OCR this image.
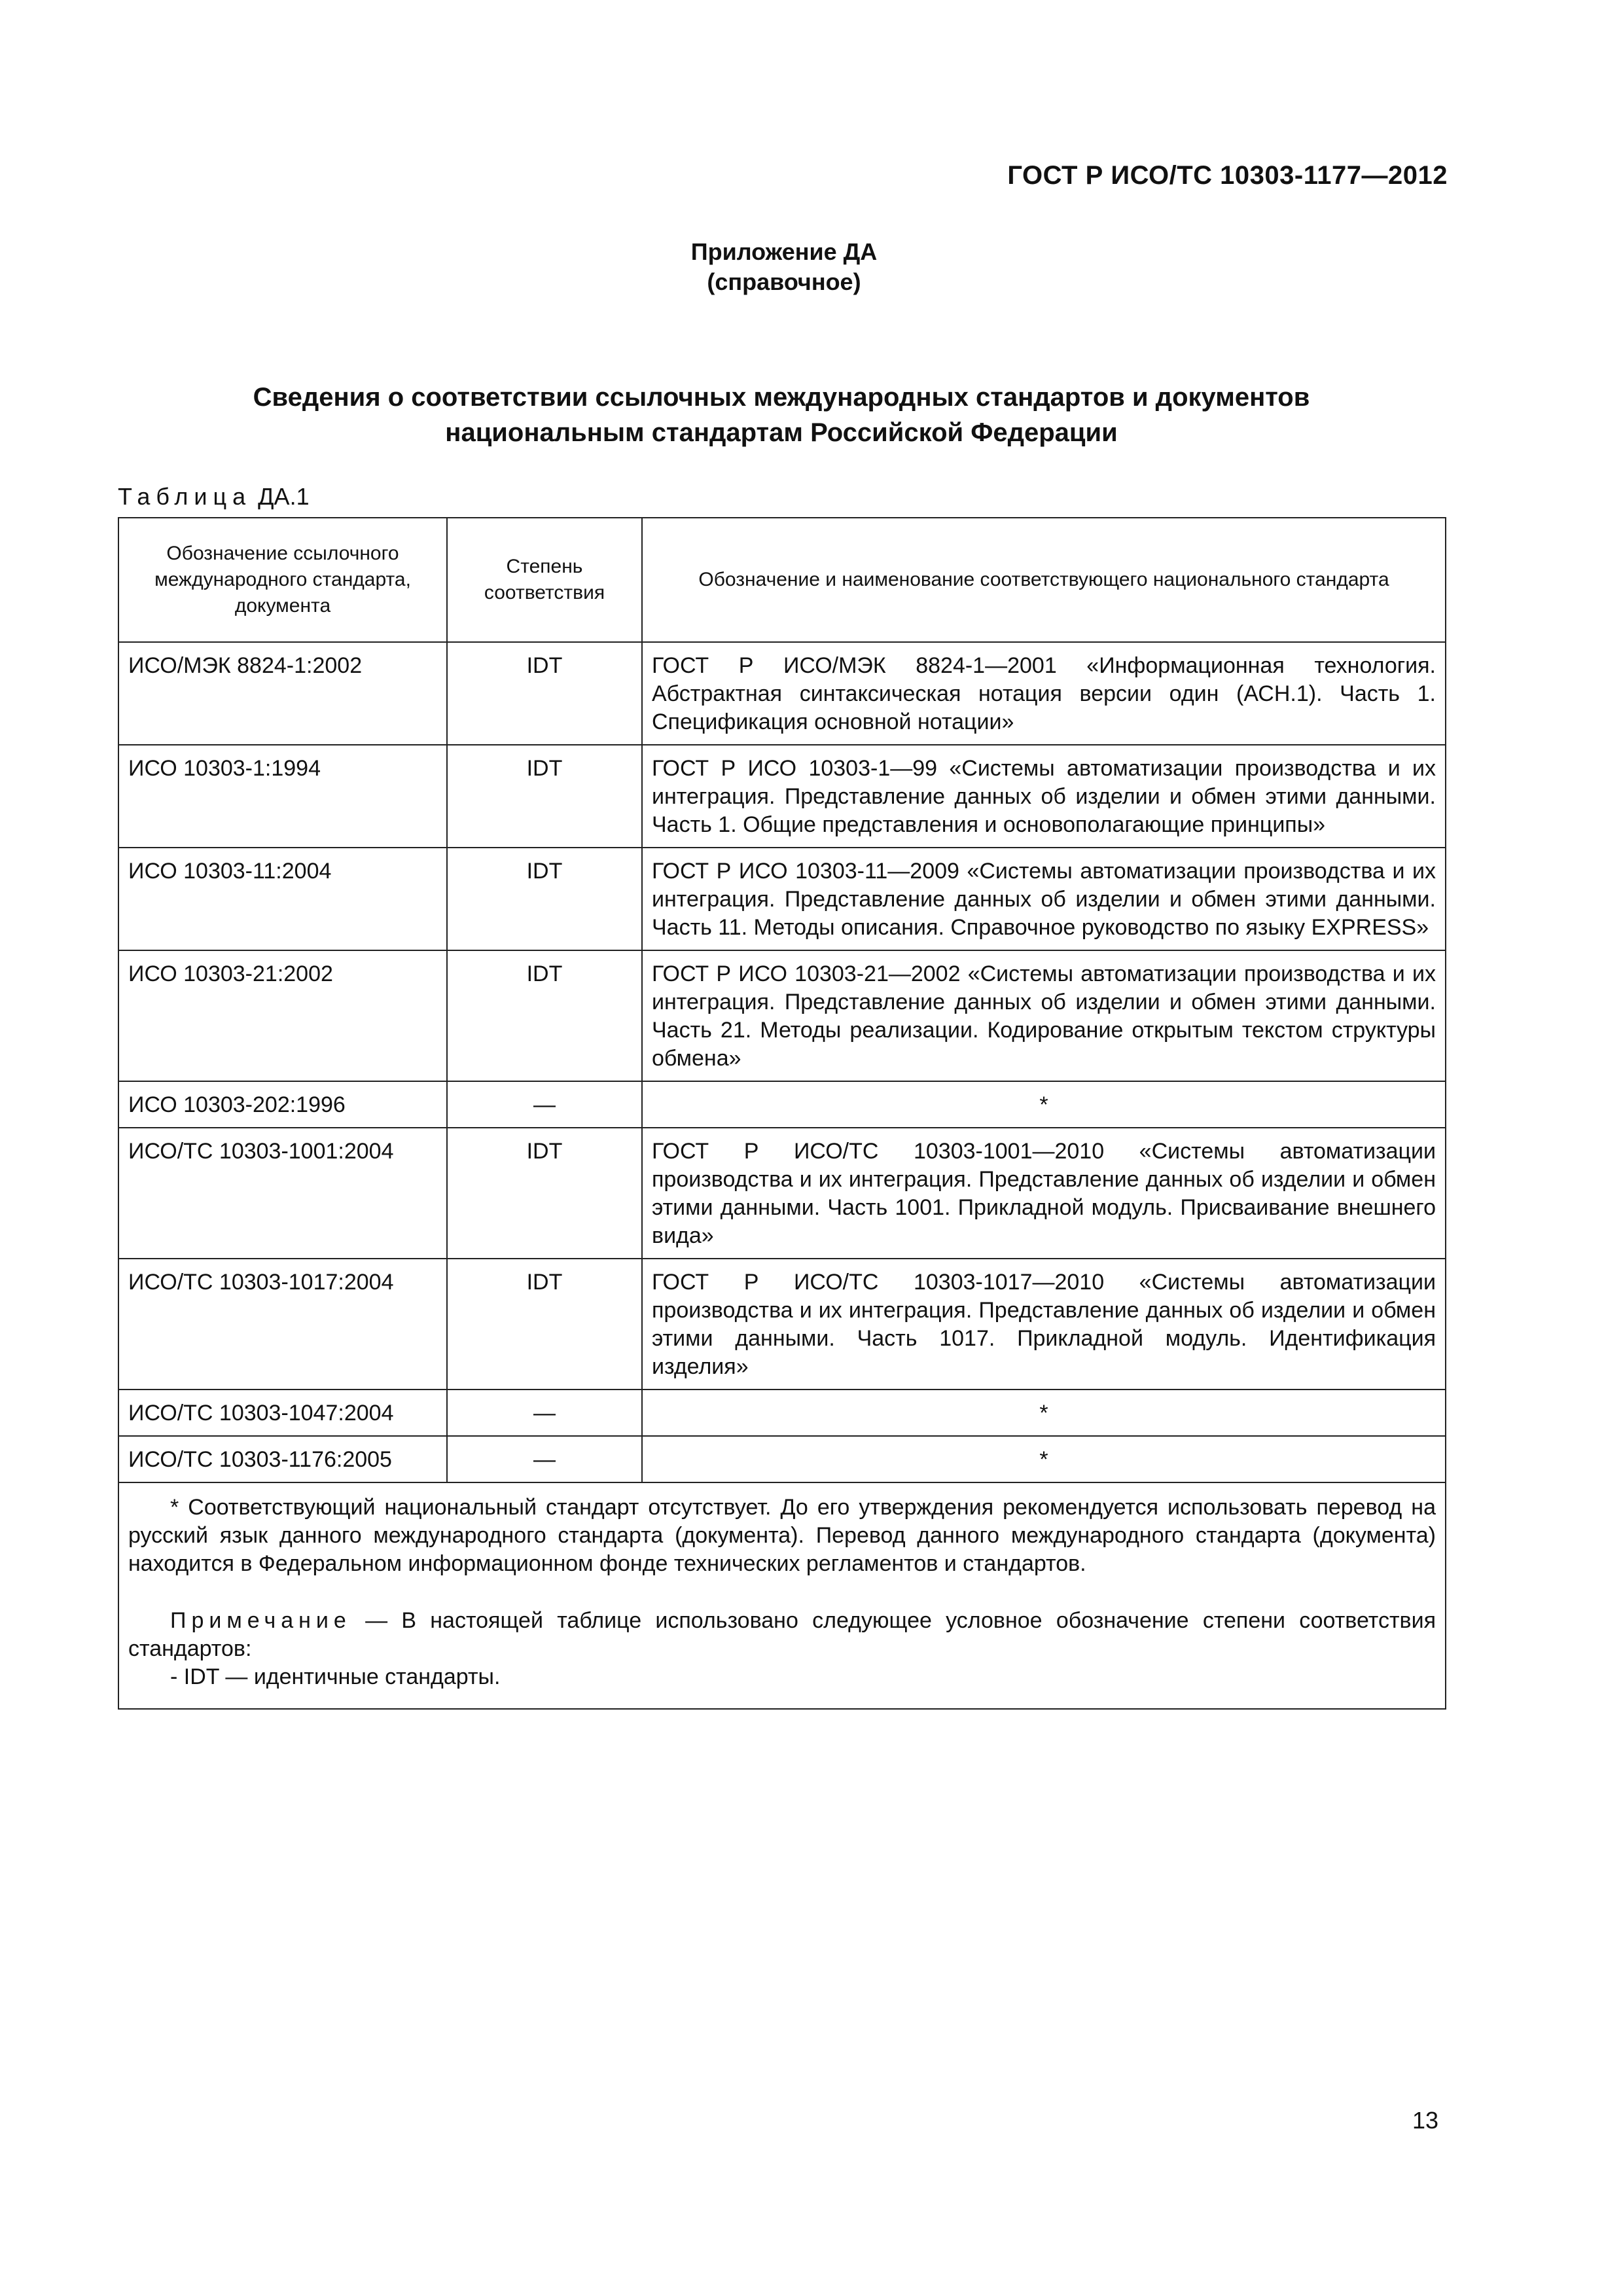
ГОСТ Р ИСО/ТС 10303-1177—2012
Приложение ДА
(справочное)
Сведения о соответствии ссылочных международных стандартов и документов
национальным стандартам Российской Федерации
Таблица ДА.1
Обозначение ссылочного международного стандарта, документа	Степень соответствия	Обозначение и наименование соответствующего национального стандарта
ИСО/МЭК 8824-1:2002	IDT	ГОСТ Р ИСО/МЭК 8824-1—2001 «Информационная технология. Абстрактная синтаксическая нотация версии один (АСН.1). Часть 1. Спецификация основной нотации»
ИСО 10303-1:1994	IDT	ГОСТ Р ИСО 10303-1—99 «Системы автоматизации производства и их интеграция. Представление данных об изделии и обмен этими данными. Часть 1. Общие представления и основополагающие принципы»
ИСО 10303-11:2004	IDT	ГОСТ Р ИСО 10303-11—2009 «Системы автоматизации производства и их интеграция. Представление данных об изделии и обмен этими данными. Часть 11. Методы описания. Справочное руководство по языку EXPRESS»
ИСО 10303-21:2002	IDT	ГОСТ Р ИСО 10303-21—2002 «Системы автоматизации производства и их интеграция. Представление данных об изделии и обмен этими данными. Часть 21. Методы реализации. Кодирование открытым текстом структуры обмена»
ИСО 10303-202:1996	—	*
ИСО/ТС 10303-1001:2004	IDT	ГОСТ Р ИСО/ТС 10303-1001—2010 «Системы автоматизации производства и их интеграция. Представление данных об изделии и обмен этими данными. Часть 1001. Прикладной модуль. Присваивание внешнего вида»
ИСО/ТС 10303-1017:2004	IDT	ГОСТ Р ИСО/ТС 10303-1017—2010 «Системы автоматизации производства и их интеграция. Представление данных об изделии и обмен этими данными. Часть 1017. Прикладной модуль. Идентификация изделия»
ИСО/ТС 10303-1047:2004	—	*
ИСО/ТС 10303-1176:2005	—	*

* Соответствующий национальный стандарт отсутствует. До его утверждения рекомендуется использовать перевод на русский язык данного международного стандарта (документа). Перевод данного международного стандарта (документа) находится в Федеральном информационном фонде технических регламентов и стандартов.

Примечание — В настоящей таблице использовано следующее условное обозначение степени соответствия стандартов:

- IDT — идентичные стандарты.		

13
